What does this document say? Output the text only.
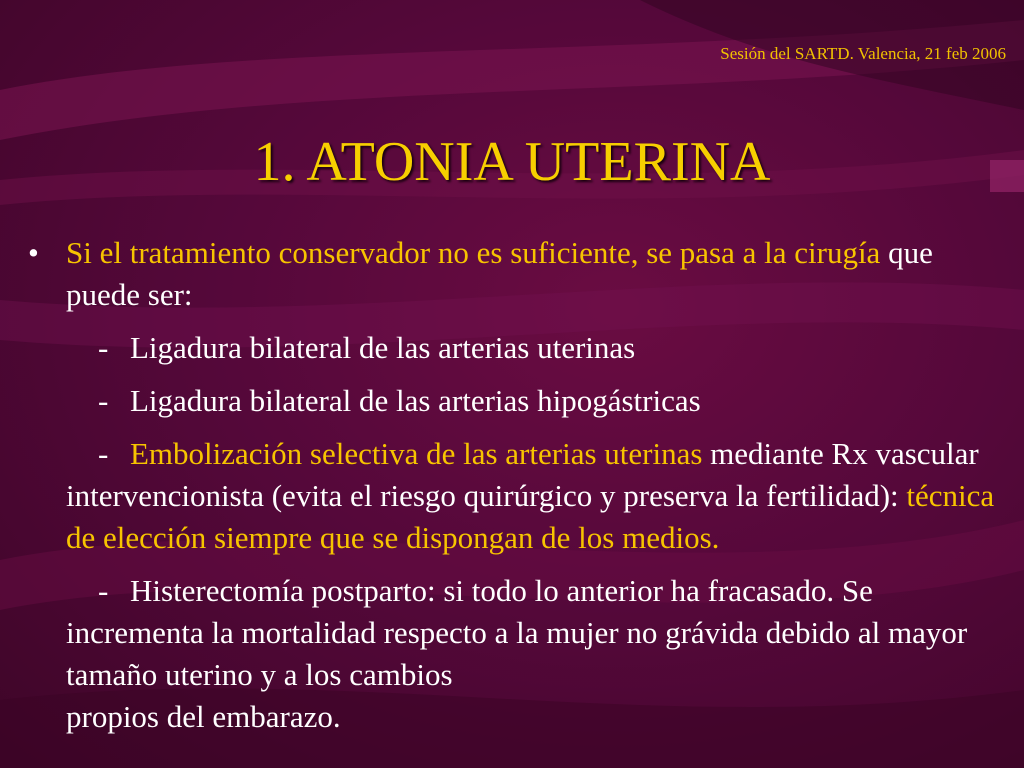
Sesión del SARTD. Valencia, 21 feb 2006
1. ATONIA UTERINA
• Si el tratamiento conservador no es suficiente, se pasa a la cirugía que puede ser:
- Ligadura bilateral de las arterias uterinas
- Ligadura bilateral de las arterias hipogástricas
- Embolización selectiva de las arterias uterinas mediante Rx vascular intervencionista (evita el riesgo quirúrgico y preserva la fertilidad): técnica de elección siempre que se dispongan de los medios.
- Histerectomía postparto: si todo lo anterior ha fracasado. Se incrementa la mortalidad respecto a la mujer no grávida debido al mayor tamaño uterino y a los cambios
propios del embarazo.
